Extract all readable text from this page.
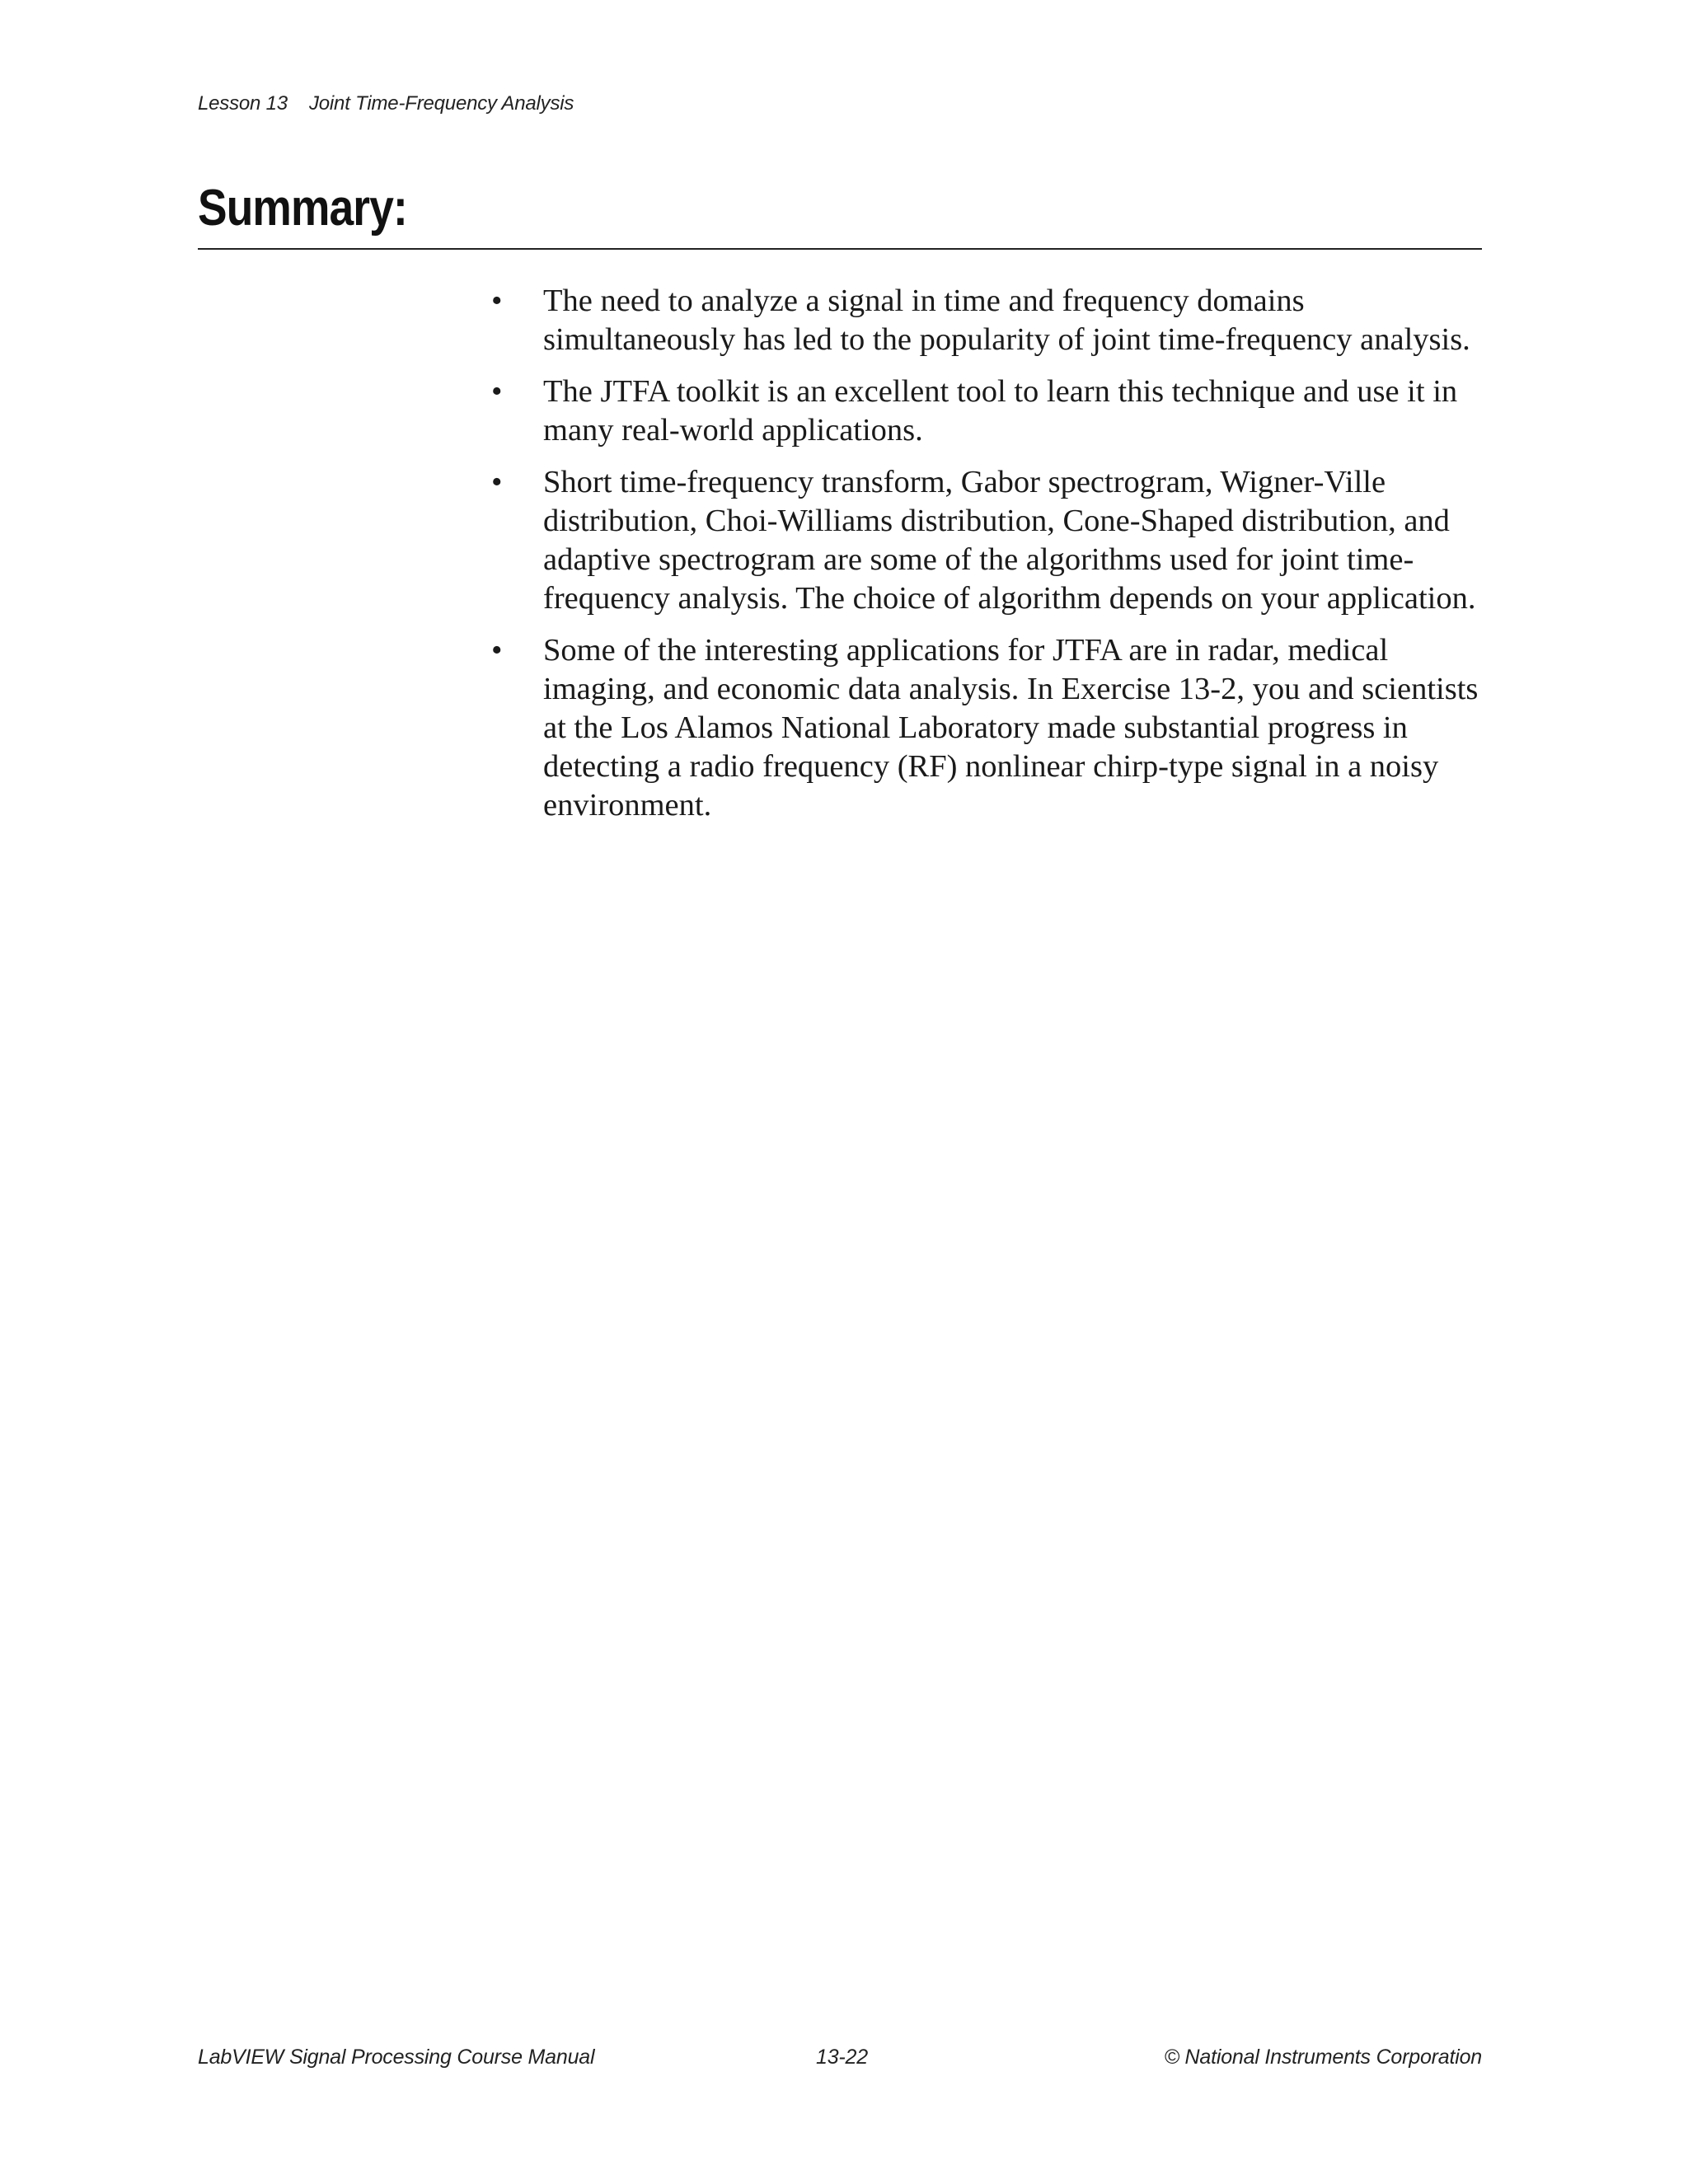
Lesson 13 Joint Time-Frequency Analysis
Summary:
• The need to analyze a signal in time and frequency domains simultaneously has led to the popularity of joint time-frequency analysis.
• The JTFA toolkit is an excellent tool to learn this technique and use it in many real-world applications.
• Short time-frequency transform, Gabor spectrogram, Wigner-Ville distribution, Choi-Williams distribution, Cone-Shaped distribution, and adaptive spectrogram are some of the algorithms used for joint time-frequency analysis. The choice of algorithm depends on your application.
• Some of the interesting applications for JTFA are in radar, medical imaging, and economic data analysis. In Exercise 13-2, you and scientists at the Los Alamos National Laboratory made substantial progress in detecting a radio frequency (RF) nonlinear chirp-type signal in a noisy environment.
LabVIEW Signal Processing Course Manual	13-22	© National Instruments Corporation
